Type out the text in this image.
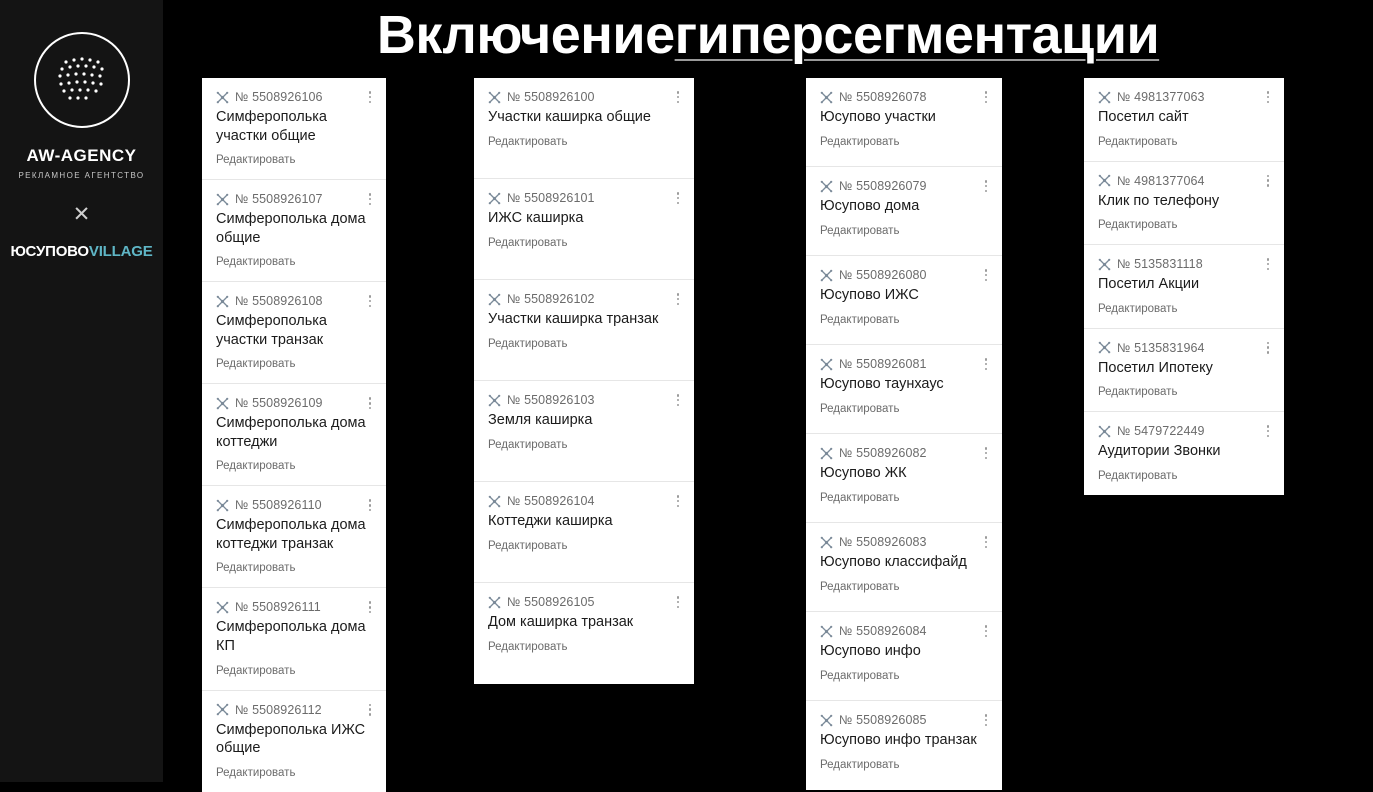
AW-AGENCY
РЕКЛАМНОЕ АГЕНТСТВО
✕
ЮСУПОВОVILLAGE
Включение гиперсегментации
№ 5508926106
Симферополька участки общие
Редактировать
№ 5508926107
Симферополька дома общие
Редактировать
№ 5508926108
Симферополька участки транзак
Редактировать
№ 5508926109
Симферополька дома коттеджи
Редактировать
№ 5508926110
Симферополька дома коттеджи транзак
Редактировать
№ 5508926111
Симферополька дома КП
Редактировать
№ 5508926112
Симферополька ИЖС общие
Редактировать
№ 5508926100
Участки каширка общие
Редактировать
№ 5508926101
ИЖС каширка
Редактировать
№ 5508926102
Участки каширка транзак
Редактировать
№ 5508926103
Земля каширка
Редактировать
№ 5508926104
Коттеджи каширка
Редактировать
№ 5508926105
Дом каширка транзак
Редактировать
№ 5508926078
Юсупово участки
Редактировать
№ 5508926079
Юсупово дома
Редактировать
№ 5508926080
Юсупово ИЖС
Редактировать
№ 5508926081
Юсупово таунхаус
Редактировать
№ 5508926082
Юсупово ЖК
Редактировать
№ 5508926083
Юсупово классифайд
Редактировать
№ 5508926084
Юсупово инфо
Редактировать
№ 5508926085
Юсупово инфо транзак
Редактировать
№ 4981377063
Посетил сайт
Редактировать
№ 4981377064
Клик по телефону
Редактировать
№ 5135831118
Посетил Акции
Редактировать
№ 5135831964
Посетил Ипотеку
Редактировать
№ 5479722449
Аудитории Звонки
Редактировать
